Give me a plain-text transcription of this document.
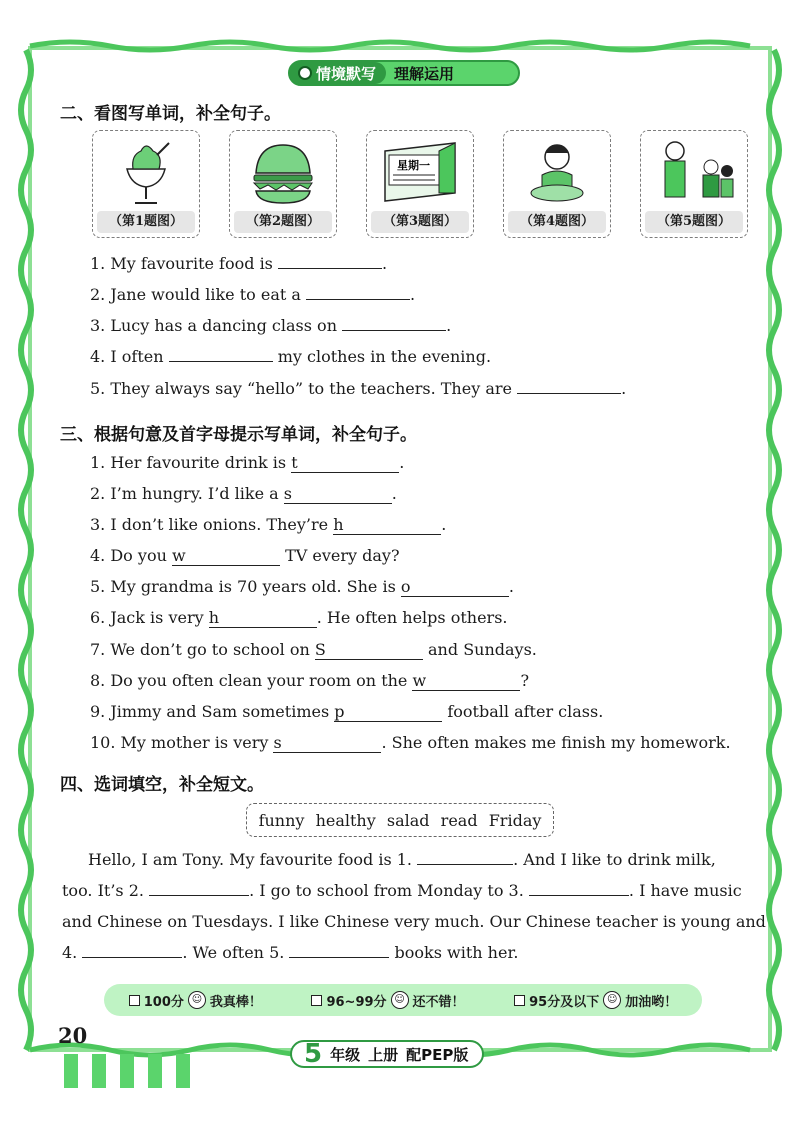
情境默写	理解运用
二、看图写单词，补全句子。
（第1题图）	（第2题图）
星期一
（第3题图）	（第4题图）	（第5题图）
1. My favourite food is	.
2. Jane would like to eat a	.
3. Lucy has a dancing class on	.
4. I often	my clothes in the evening.
5. They always say “hello” to the teachers. They are	.
三、根据句意及首字母提示写单词，补全句子。
1. Her favourite drink is t	.
2. I’m hungry. I’d like a s	.
3. I don’t like onions. They’re h	.
4. Do you w	TV every day?
5. My grandma is 70 years old. She is o	.
6. Jack is very h	. He often helps others.
7. We don’t go to school on S	and Sundays.
8. Do you often clean your room on the w	?
9. Jimmy and Sam sometimes p	football after class.
10. My mother is very s	. She often makes me finish my homework.
四、选词填空，补全短文。
funny healthy salad read Friday
Hello, I am Tony. My favourite food is 1.	. And I like to drink milk,
too. It’s 2.	. I go to school from Monday to 3.	. I have music
and Chinese on Tuesdays. I like Chinese very much. Our Chinese teacher is young and
4.	. We often 5.	books with her.
100分 ☺ 我真棒！	96~99分 ☺ 还不错！	95分及以下 ☺ 加油哟！
20
5 年级 上册 配PEP版
